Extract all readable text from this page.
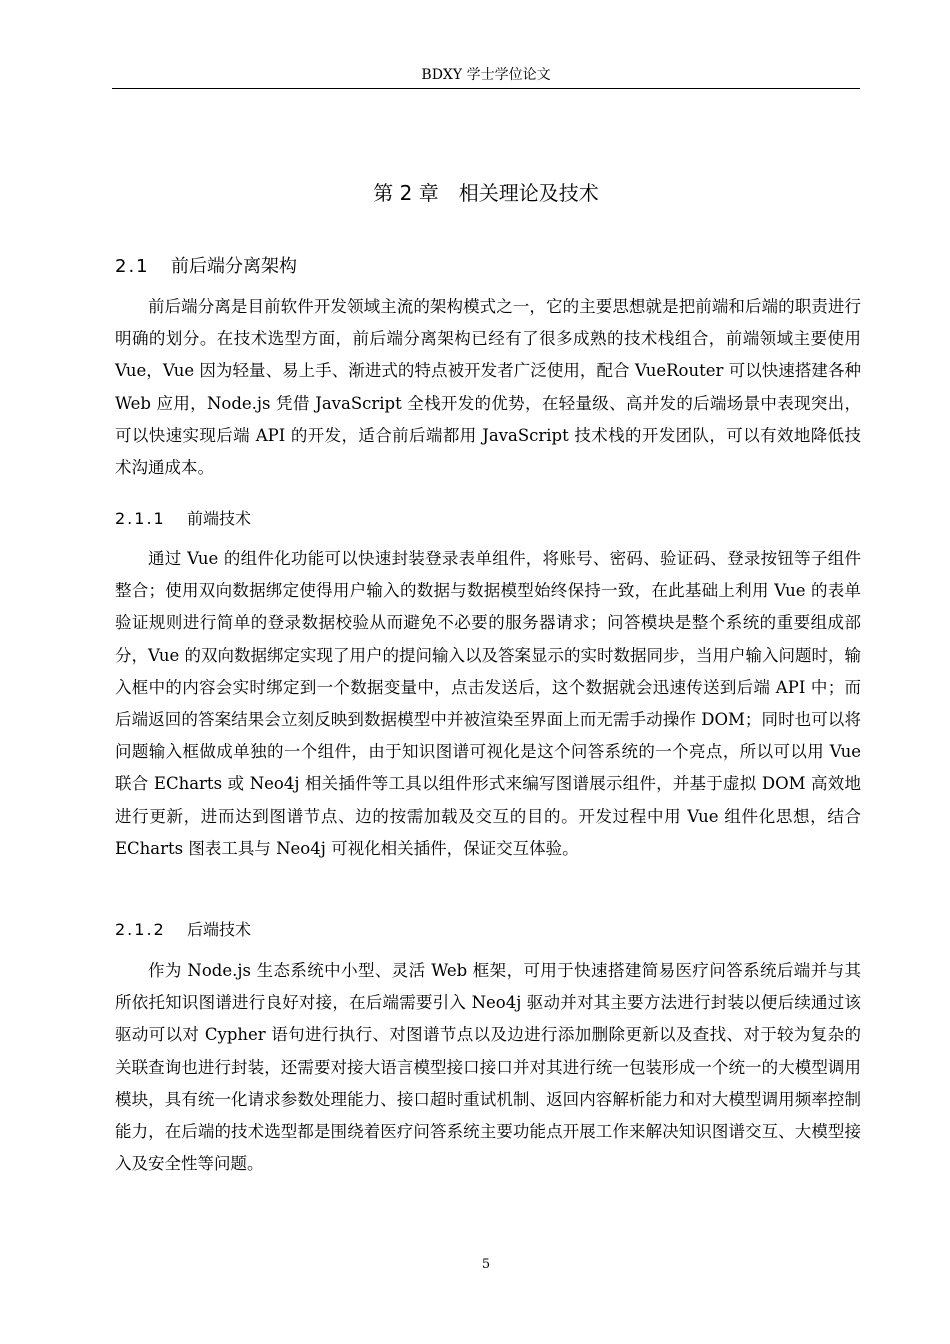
BDXY 学士学位论文
第 2 章 相关理论及技术
2.1 前后端分离架构

前后端分离是目前软件开发领域主流的架构模式之一，它的主要思想就是把前端和后端的职责进行明确的划分。在技术选型方面，前后端分离架构已经有了很多成熟的技术栈组合，前端领域主要使用 Vue，Vue 因为轻量、易上手、渐进式的特点被开发者广泛使用，配合 VueRouter 可以快速搭建各种 Web 应用，Node.js 凭借 JavaScript 全栈开发的优势，在轻量级、高并发的后端场景中表现突出，可以快速实现后端 API 的开发，适合前后端都用 JavaScript 技术栈的开发团队，可以有效地降低技术沟通成本。

2.1.1 前端技术

通过 Vue 的组件化功能可以快速封装登录表单组件，将账号、密码、验证码、登录按钮等子组件整合；使用双向数据绑定使得用户输入的数据与数据模型始终保持一致，在此基础上利用 Vue 的表单验证规则进行简单的登录数据校验从而避免不必要的服务器请求；问答模块是整个系统的重要组成部分，Vue 的双向数据绑定实现了用户的提问输入以及答案显示的实时数据同步，当用户输入问题时，输入框中的内容会实时绑定到一个数据变量中，点击发送后，这个数据就会迅速传送到后端 API 中；而后端返回的答案结果会立刻反映到数据模型中并被渲染至界面上而无需手动操作 DOM；同时也可以将问题输入框做成单独的一个组件，由于知识图谱可视化是这个问答系统的一个亮点，所以可以用 Vue 联合 ECharts 或 Neo4j 相关插件等工具以组件形式来编写图谱展示组件，并基于虚拟 DOM 高效地进行更新，进而达到图谱节点、边的按需加载及交互的目的。开发过程中用 Vue 组件化思想，结合 ECharts 图表工具与 Neo4j 可视化相关插件，保证交互体验。

2.1.2 后端技术

作为 Node.js 生态系统中小型、灵活 Web 框架，可用于快速搭建简易医疗问答系统后端并与其所依托知识图谱进行良好对接，在后端需要引入 Neo4j 驱动并对其主要方法进行封装以便后续通过该驱动可以对 Cypher 语句进行执行、对图谱节点以及边进行添加删除更新以及查找、对于较为复杂的关联查询也进行封装，还需要对接大语言模型接口接口并对其进行统一包装形成一个统一的大模型调用模块，具有统一化请求参数处理能力、接口超时重试机制、返回内容解析能力和对大模型调用频率控制能力，在后端的技术选型都是围绕着医疗问答系统主要功能点开展工作来解决知识图谱交互、大模型接入及安全性等问题。

5
